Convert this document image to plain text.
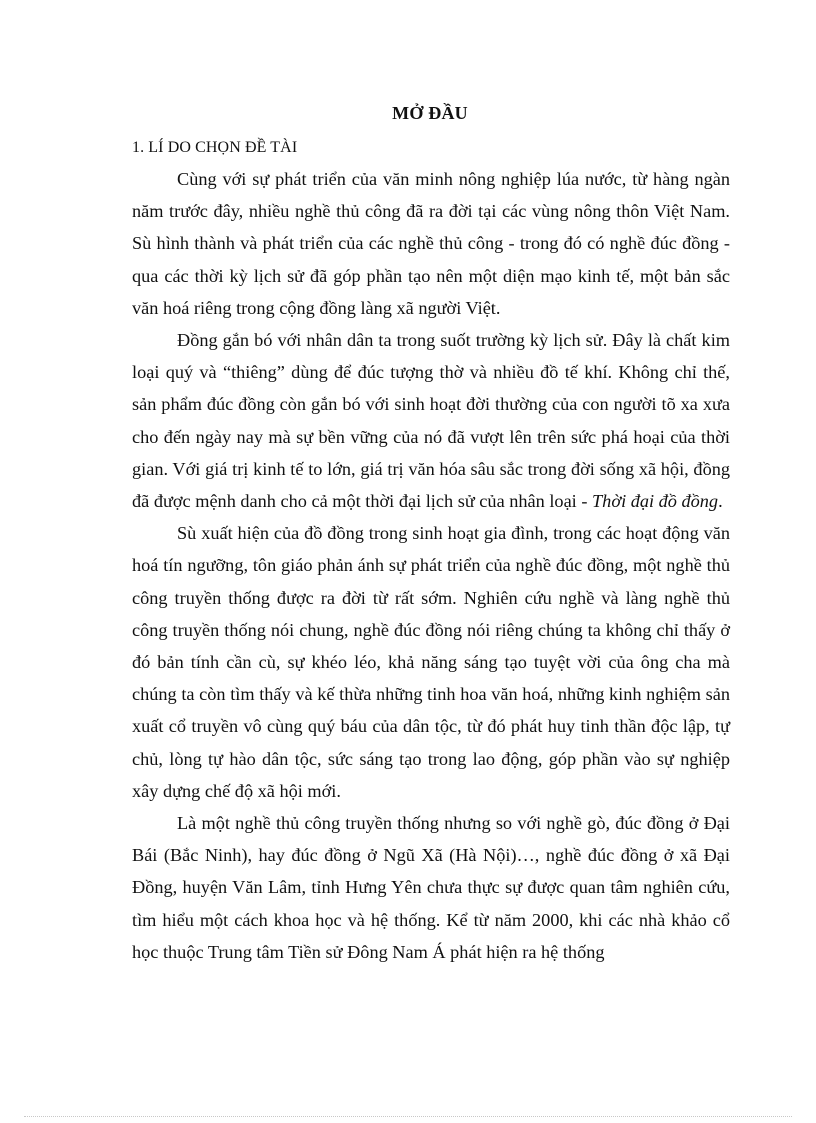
MỞ ĐẦU
1. LÍ DO CHỌN ĐỀ TÀI

Cùng với sự phát triển của văn minh nông nghiệp lúa nước, từ hàng ngàn năm trước đây, nhiều nghề thủ công đã ra đời tại các vùng nông thôn Việt Nam. Sù hình thành và phát triển của các nghề thủ công - trong đó có nghề đúc đồng - qua các thời kỳ lịch sử đã góp phần tạo nên một diện mạo kinh tế, một bản sắc văn hoá riêng trong cộng đồng làng xã người Việt.

Đồng gắn bó với nhân dân ta trong suốt trường kỳ lịch sử. Đây là chất kim loại quý và “thiêng” dùng để đúc tượng thờ và nhiều đồ tế khí. Không chỉ thế, sản phẩm đúc đồng còn gắn bó với sinh hoạt đời thường của con người tõ xa xưa cho đến ngày nay mà sự bền vững của nó đã vượt lên trên sức phá hoại của thời gian. Với giá trị kinh tế to lớn, giá trị văn hóa sâu sắc trong đời sống xã hội, đồng đã được mệnh danh cho cả một thời đại lịch sử của nhân loại - Thời đại đồ đồng.

Sù xuất hiện của đồ đồng trong sinh hoạt gia đình, trong các hoạt động văn hoá tín ngưỡng, tôn giáo phản ánh sự phát triển của nghề đúc đồng, một nghề thủ công truyền thống được ra đời từ rất sớm. Nghiên cứu nghề và làng nghề thủ công truyền thống nói chung, nghề đúc đồng nói riêng chúng ta không chỉ thấy ở đó bản tính cần cù, sự khéo léo, khả năng sáng tạo tuyệt vời của ông cha mà chúng ta còn tìm thấy và kế thừa những tinh hoa văn hoá, những kinh nghiệm sản xuất cổ truyền vô cùng quý báu của dân tộc, từ đó phát huy tinh thần độc lập, tự chủ, lòng tự hào dân tộc, sức sáng tạo trong lao động, góp phần vào sự nghiệp xây dựng chế độ xã hội mới.

Là một nghề thủ công truyền thống nhưng so với nghề gò, đúc đồng ở Đại Bái (Bắc Ninh), hay đúc đồng ở Ngũ Xã (Hà Nội)…, nghề đúc đồng ở xã Đại Đồng, huyện Văn Lâm, tỉnh Hưng Yên chưa thực sự được quan tâm nghiên cứu, tìm hiểu một cách khoa học và hệ thống. Kể từ năm 2000, khi các nhà khảo cổ học thuộc Trung tâm Tiền sử Đông Nam Á phát hiện ra hệ thống
